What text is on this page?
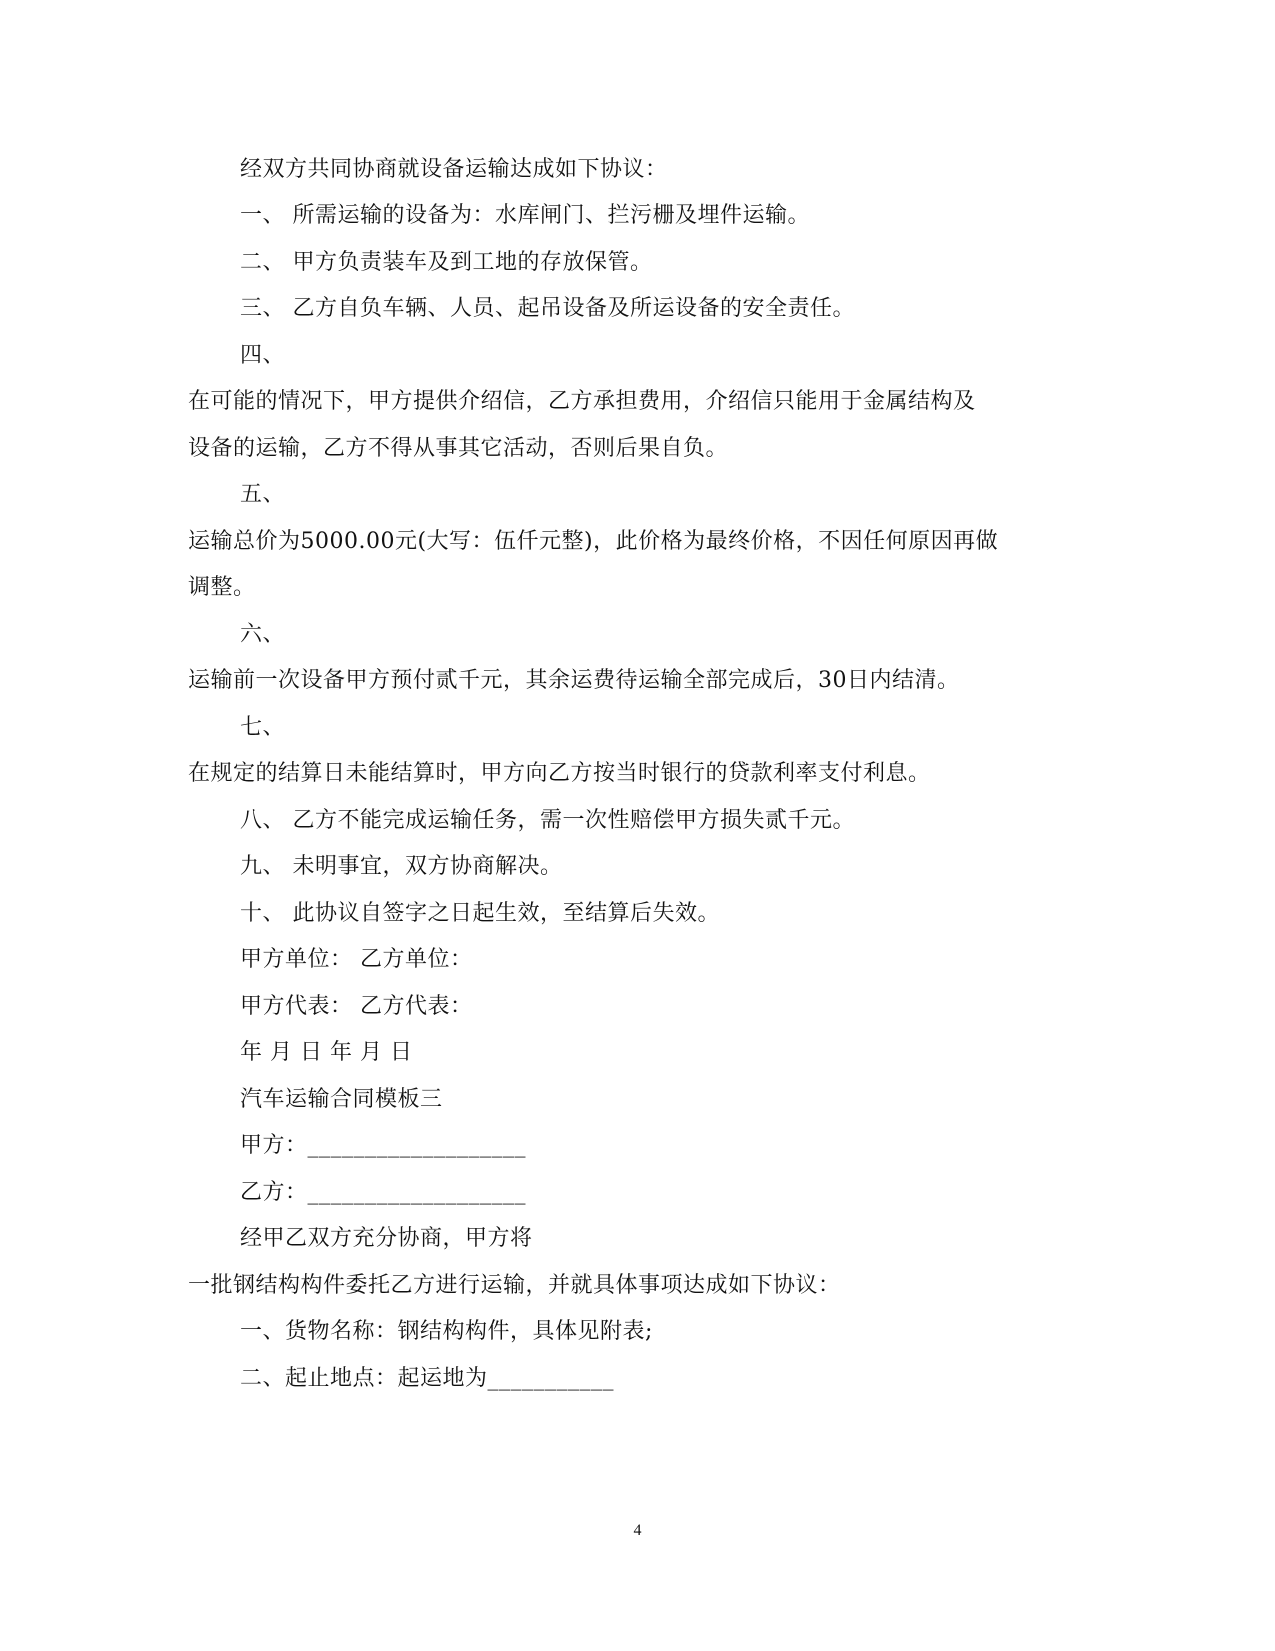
经双方共同协商就设备运输达成如下协议：
一、 所需运输的设备为：水库闸门、拦污栅及埋件运输。
二、 甲方负责装车及到工地的存放保管。
三、 乙方自负车辆、人员、起吊设备及所运设备的安全责任。
四、
在可能的情况下，甲方提供介绍信，乙方承担费用，介绍信只能用于金属结构及
设备的运输，乙方不得从事其它活动，否则后果自负。
五、
运输总价为5000.00元(大写：伍仟元整)，此价格为最终价格，不因任何原因再做
调整。
六、
运输前一次设备甲方预付贰千元，其余运费待运输全部完成后，30日内结清。
七、
在规定的结算日未能结算时，甲方向乙方按当时银行的贷款利率支付利息。
八、 乙方不能完成运输任务，需一次性赔偿甲方损失贰千元。
九、 未明事宜，双方协商解决。
十、 此协议自签字之日起生效，至结算后失效。
甲方单位： 乙方单位：
甲方代表： 乙方代表：
年 月 日 年 月 日
汽车运输合同模板三
甲方：___________________
乙方：___________________
经甲乙双方充分协商，甲方将
一批钢结构构件委托乙方进行运输，并就具体事项达成如下协议：
一、货物名称：钢结构构件，具体见附表;
二、起止地点：起运地为___________
4
